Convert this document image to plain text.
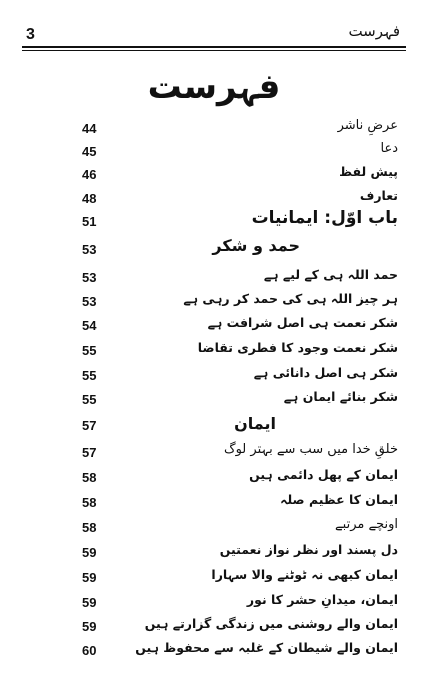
3	فہرست
فہرست
44	عرضِ ناشر
45	دعا
46	پیش لفظ
48	تعارف
51	باب اوّل: ایمانیات
53	حمد و شکر
53	حمد اللہ ہی کے لیے ہے
53	ہر چیز اللہ ہی کی حمد کر رہی ہے
54	شکر نعمت ہی اصل شرافت ہے
55	شکر نعمت وجود کا فطری تقاضا
55	شکر ہی اصل دانائی ہے
55	شکر بنائے ایمان ہے
57	ایمان
57	خلقِ خدا میں سب سے بہتر لوگ
58	ایمان کے پھل دائمی ہیں
58	ایمان کا عظیم صلہ
58	اونچے مرتبے
59	دل پسند اور نظر نواز نعمتیں
59	ایمان کبھی نہ ٹوٹنے والا سہارا
59	ایمان، میدانِ حشر کا نور
59	ایمان والے روشنی میں زندگی گزارتے ہیں
60	ایمان والے شیطان کے غلبہ سے محفوظ ہیں
